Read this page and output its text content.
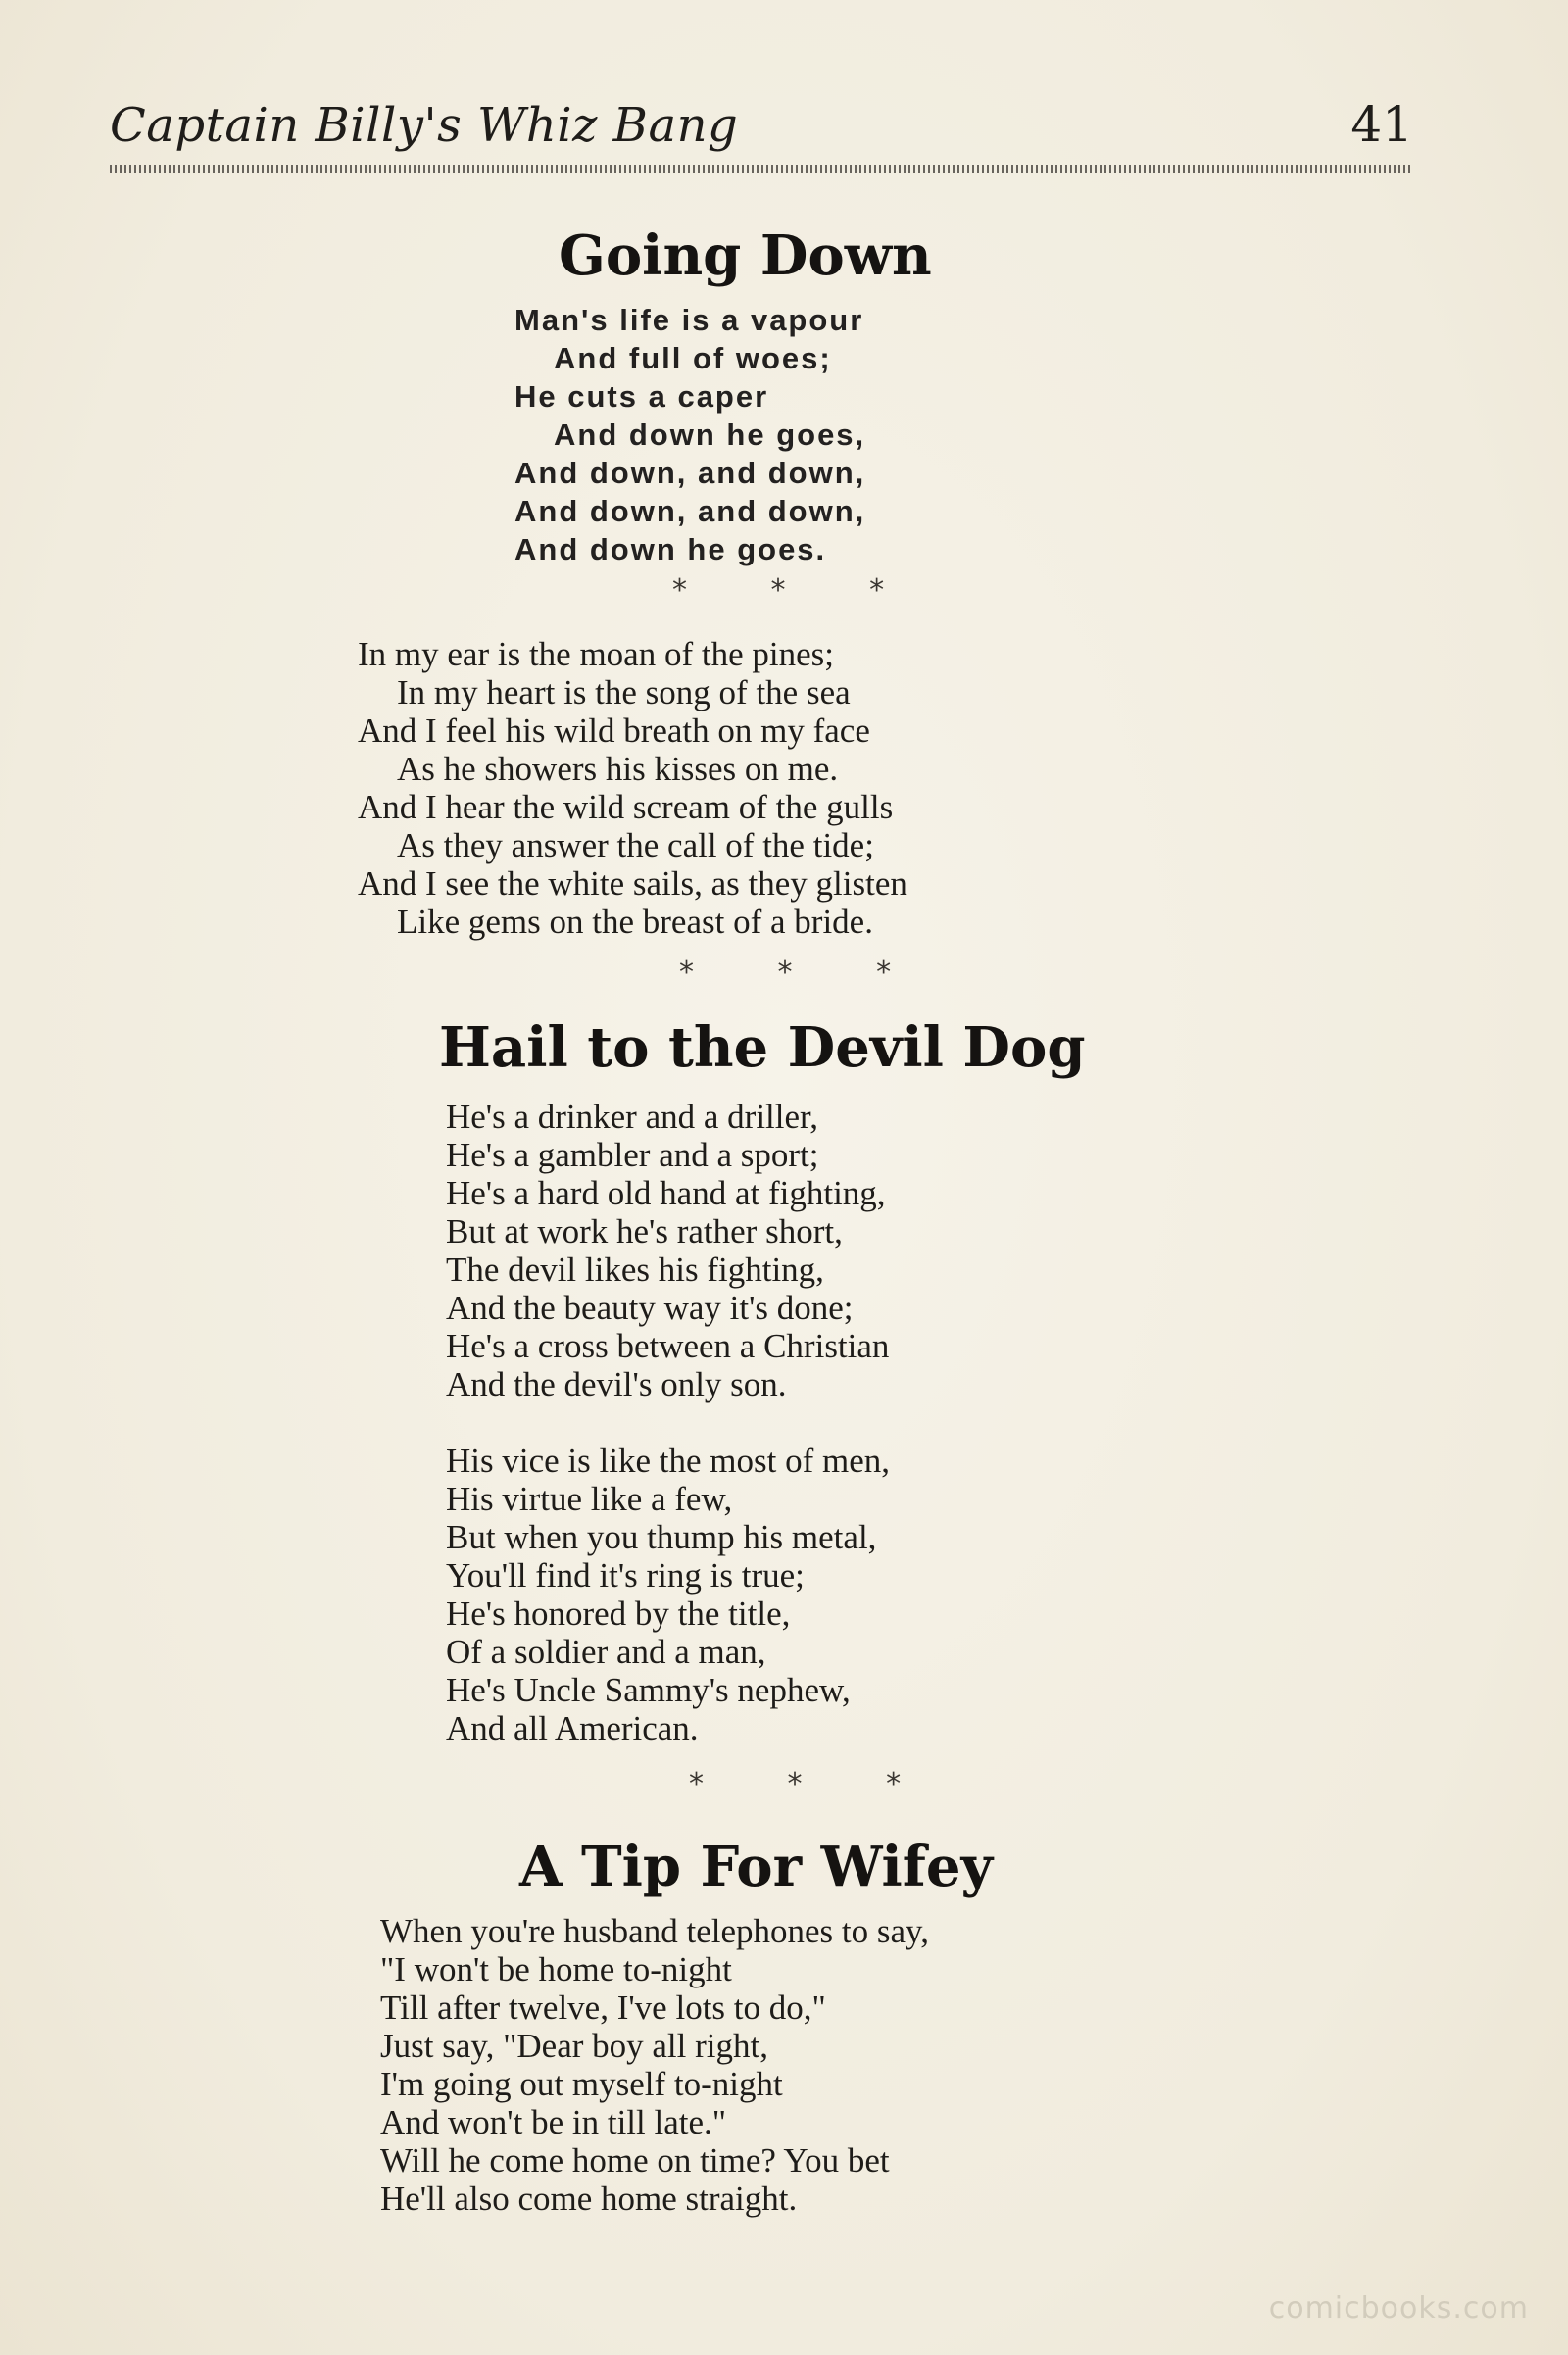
Captain Billy's Whiz Bang	41
Going Down
Man's life is a vapour
And full of woes;
He cuts a caper
And down he goes,
And down, and down,
And down, and down,
And down he goes.
* * *
In my ear is the moan of the pines;
In my heart is the song of the sea
And I feel his wild breath on my face
As he showers his kisses on me.
And I hear the wild scream of the gulls
As they answer the call of the tide;
And I see the white sails, as they glisten
Like gems on the breast of a bride.
* * *
Hail to the Devil Dog
He's a drinker and a driller,
He's a gambler and a sport;
He's a hard old hand at fighting,
But at work he's rather short,
The devil likes his fighting,
And the beauty way it's done;
He's a cross between a Christian
And the devil's only son.
His vice is like the most of men,
His virtue like a few,
But when you thump his metal,
You'll find it's ring is true;
He's honored by the title,
Of a soldier and a man,
He's Uncle Sammy's nephew,
And all American.
* * *
A Tip For Wifey
When you're husband telephones to say,
"I won't be home to-night
Till after twelve, I've lots to do,"
Just say, "Dear boy all right,
I'm going out myself to-night
And won't be in till late."
Will he come home on time? You bet
He'll also come home straight.
comicbooks.com
